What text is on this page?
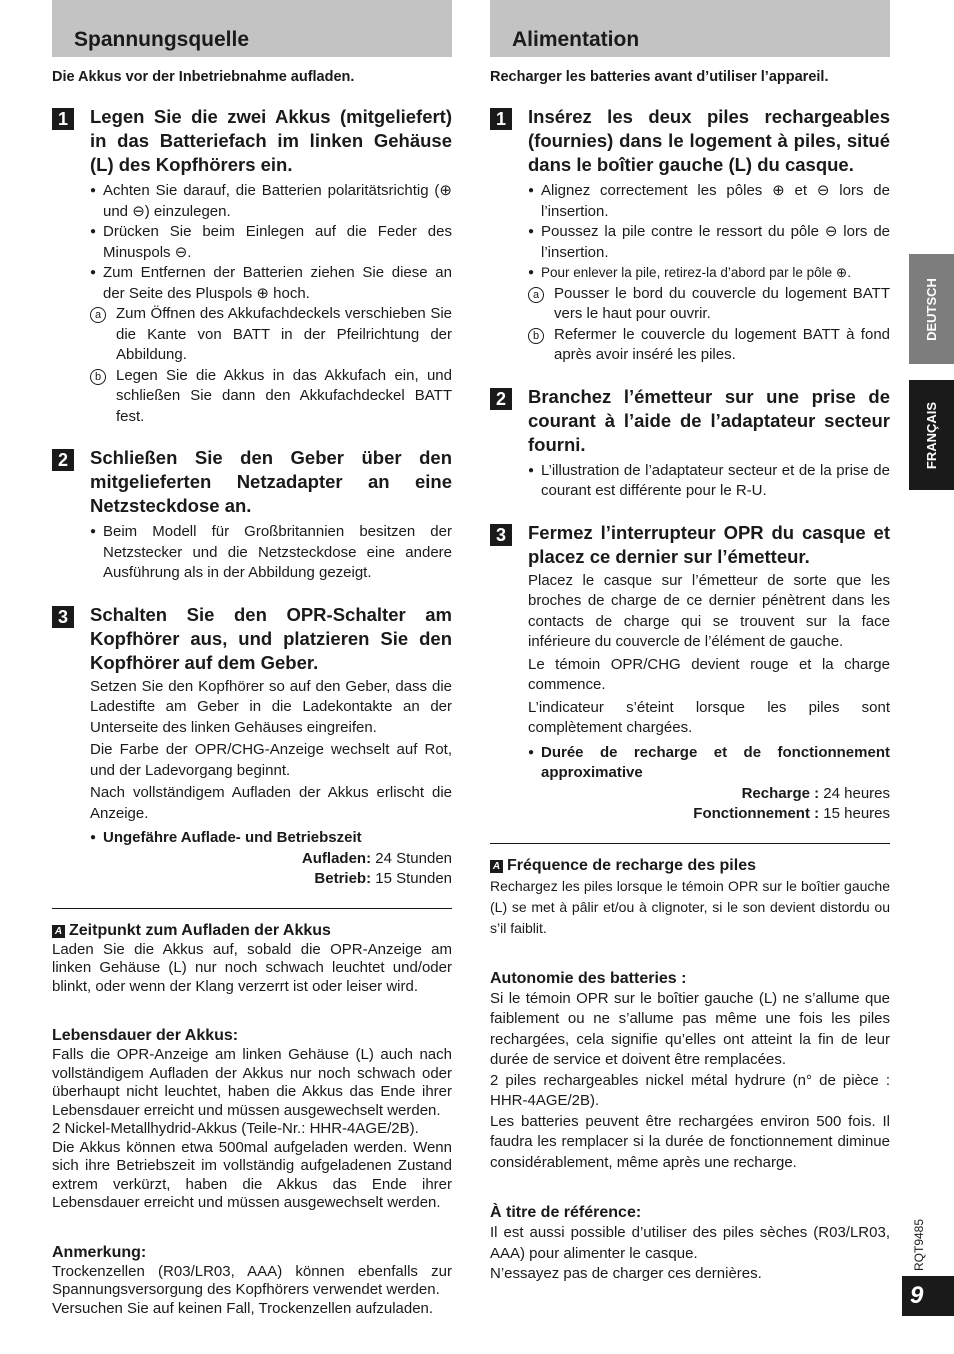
Spannungsquelle
Die Akkus vor der Inbetriebnahme aufladen.
1	Legen Sie die zwei Akkus (mitgeliefert) in das Batteriefach im linken Gehäuse (L) des Kopfhörers ein.
● Achten Sie darauf, die Batterien polaritätsrichtig (⊕ und ⊖) einzulegen.
● Drücken Sie beim Einlegen auf die Feder des Minuspols ⊖.
● Zum Entfernen der Batterien ziehen Sie diese an der Seite des Pluspols ⊕ hoch.
a Zum Öffnen des Akkufachdeckels verschieben Sie die Kante von BATT in der Pfeilrichtung der Abbildung.
b Legen Sie die Akkus in das Akkufach ein, und schließen Sie dann den Akkufachdeckel BATT fest.
2	Schließen Sie den Geber über den mitgelieferten Netzadapter an eine Netzsteckdose an.
● Beim Modell für Großbritannien besitzen der Netzstecker und die Netzsteckdose eine andere Ausführung als in der Abbildung gezeigt.
3	Schalten Sie den OPR-Schalter am Kopfhörer aus, und platzieren Sie den Kopfhörer auf dem Geber.

Setzen Sie den Kopfhörer so auf den Geber, dass die Ladestifte am Geber in die Ladekontakte an der Unterseite des linken Gehäuses eingreifen.

Die Farbe der OPR/CHG-Anzeige wechselt auf Rot, und der Ladevorgang beginnt.

Nach vollständigem Aufladen der Akkus erlischt die Anzeige.

● Ungefähre Auflade- und Betriebszeit
Aufladen: 24 Stunden
Betrieb: 15 Stunden
A Zeitpunkt zum Aufladen der Akkus

Laden Sie die Akkus auf, sobald die OPR-Anzeige am linken Gehäuse (L) nur noch schwach leuchtet und/oder blinkt, oder wenn der Klang verzerrt ist oder leiser wird.

Lebensdauer der Akkus:

Falls die OPR-Anzeige am linken Gehäuse (L) auch nach vollständigem Aufladen der Akkus nur noch schwach oder überhaupt nicht leuchtet, haben die Akkus das Ende ihrer Lebensdauer erreicht und müssen ausgewechselt werden.

2 Nickel-Metallhydrid-Akkus (Teile-Nr.: HHR-4AGE/2B).

Die Akkus können etwa 500mal aufgeladen werden. Wenn sich ihre Betriebszeit im vollständig aufgeladenen Zustand extrem verkürzt, haben die Akkus das Ende ihrer Lebensdauer erreicht und müssen ausgewechselt werden.

Anmerkung:

Trockenzellen (R03/LR03, AAA) können ebenfalls zur Spannungsversorgung des Kopfhörers verwendet werden.

Versuchen Sie auf keinen Fall, Trockenzellen aufzuladen.

Alimentation
Recharger les batteries avant d’utiliser l’appareil.
1	Insérez les deux piles rechargeables (fournies) dans le logement à piles, situé dans le boîtier gauche (L) du casque.
● Alignez correctement les pôles ⊕ et ⊖ lors de l’insertion.
● Poussez la pile contre le ressort du pôle ⊖ lors de l’insertion.
● Pour enlever la pile, retirez-la d’abord par le pôle ⊕.
a Pousser le bord du couvercle du logement BATT vers le haut pour ouvrir.
b Refermer le couvercle du logement BATT à fond après avoir inséré les piles.
2	Branchez l’émetteur sur une prise de courant à l’aide de l’adaptateur secteur fourni.
● L’illustration de l’adaptateur secteur et de la prise de courant est différente pour le R-U.
3	Fermez l’interrupteur OPR du casque et placez ce dernier sur l’émetteur.

Placez le casque sur l’émetteur de sorte que les broches de charge de ce dernier pénètrent dans les contacts de charge qui se trouvent sur la face inférieure du couvercle de l’élément de gauche.

Le témoin OPR/CHG devient rouge et la charge commence.

L’indicateur s’éteint lorsque les piles sont complètement chargées.

● Durée de recharge et de fonctionnement approximative
Recharge : 24 heures
Fonctionnement : 15 heures
A Fréquence de recharge des piles

Rechargez les piles lorsque le témoin OPR sur le boîtier gauche (L) se met à pâlir et/ou à clignoter, si le son devient distordu ou s’il faiblit.

Autonomie des batteries :

Si le témoin OPR sur le boîtier gauche (L) ne s’allume que faiblement ou ne s’allume pas même une fois les piles rechargées, cela signifie qu’elles ont atteint la fin de leur durée de service et doivent être remplacées.

2 piles rechargeables nickel métal hydrure (n° de pièce : HHR-4AGE/2B).

Les batteries peuvent être rechargées environ 500 fois. Il faudra les remplacer si la durée de fonctionnement diminue considérablement, même après une recharge.

À titre de référence:

Il est aussi possible d’utiliser des piles sèches (R03/LR03, AAA) pour alimenter le casque.

N’essayez pas de charger ces dernières.

DEUTSCH
FRANÇAIS
RQT9485
9
